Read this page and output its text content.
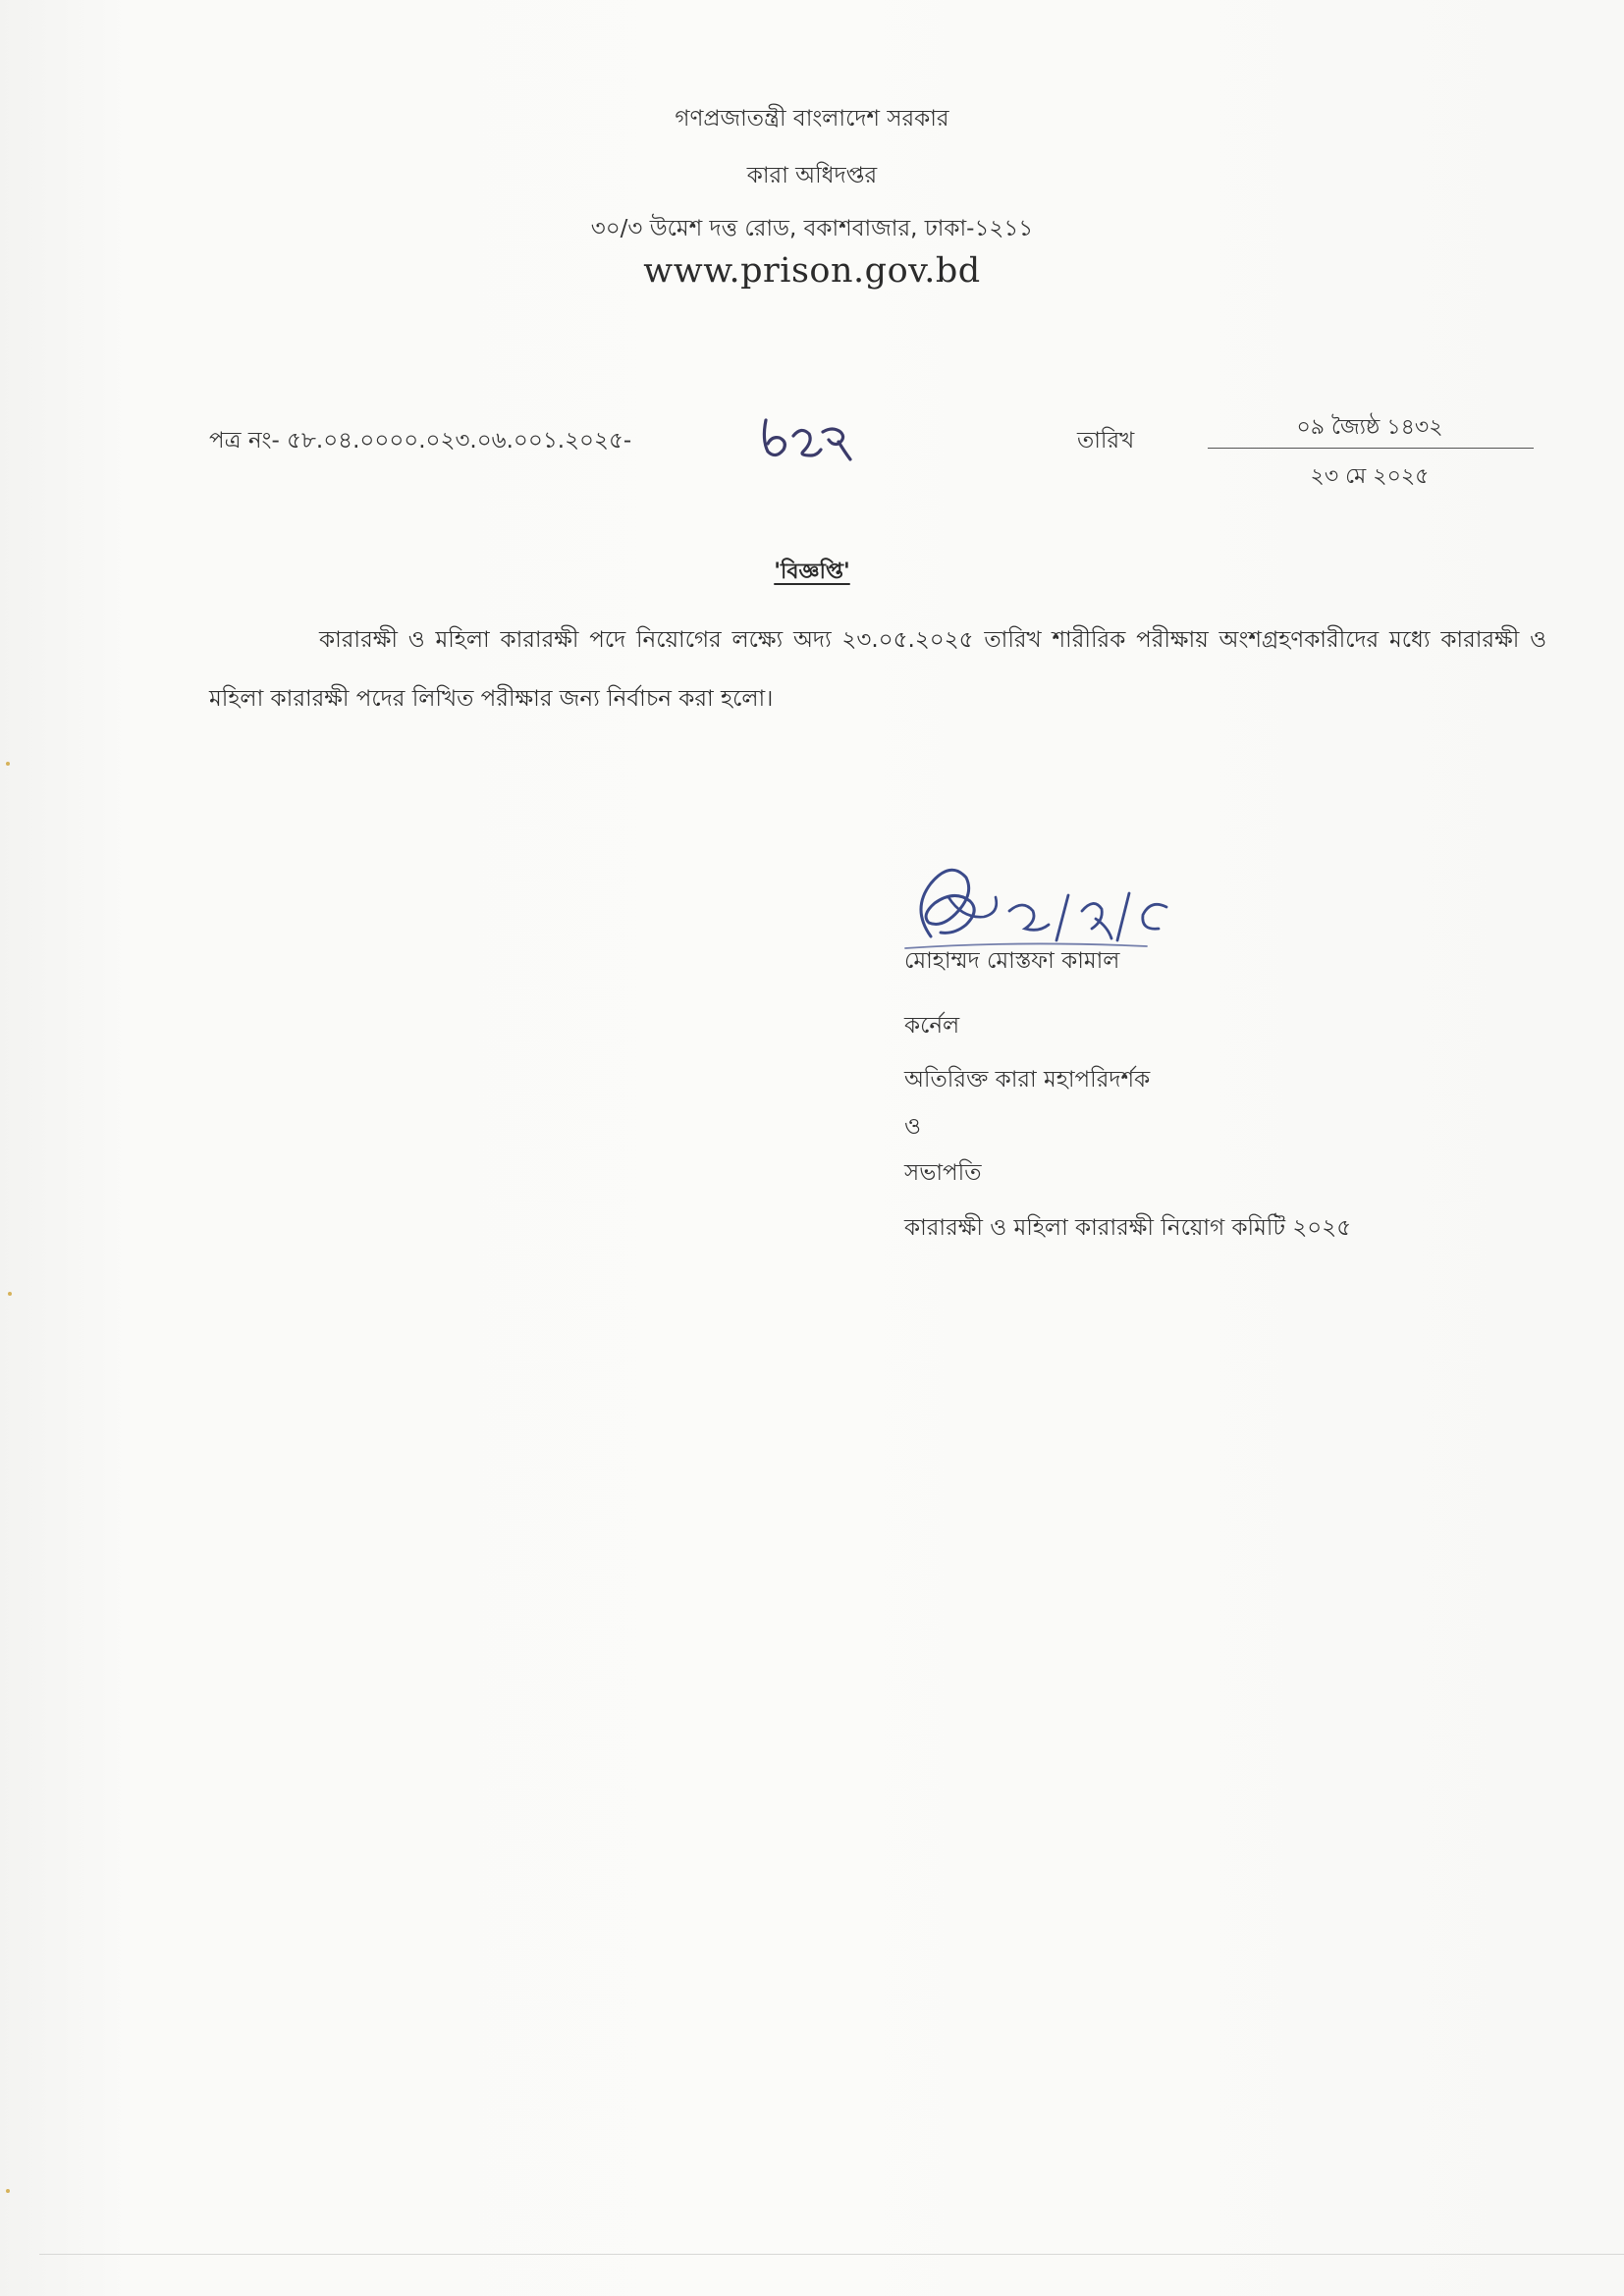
গণপ্রজাতন্ত্রী বাংলাদেশ সরকার
কারা অধিদপ্তর
৩০/৩ উমেশ দত্ত রোড, বকাশবাজার, ঢাকা-১২১১
www.prison.gov.bd
পত্র নং- ৫৮.০৪.০০০০.০২৩.০৬.০০১.২০২৫-	তারিখ
০৯ জ্যৈষ্ঠ ১৪৩২
২৩ মে ২০২৫
'বিজ্ঞপ্তি'
কারারক্ষী ও মহিলা কারারক্ষী পদে নিয়োগের লক্ষ্যে অদ্য ২৩.০৫.২০২৫ তারিখ শারীরিক পরীক্ষায় অংশগ্রহণকারীদের মধ্যে কারারক্ষী ও মহিলা কারারক্ষী পদের লিখিত পরীক্ষার জন্য নির্বাচন করা হলো।
মোহাম্মদ মোস্তফা কামাল
কর্নেল
অতিরিক্ত কারা মহাপরিদর্শক
ও
সভাপতি
কারারক্ষী ও মহিলা কারারক্ষী নিয়োগ কমিটি ২০২৫
